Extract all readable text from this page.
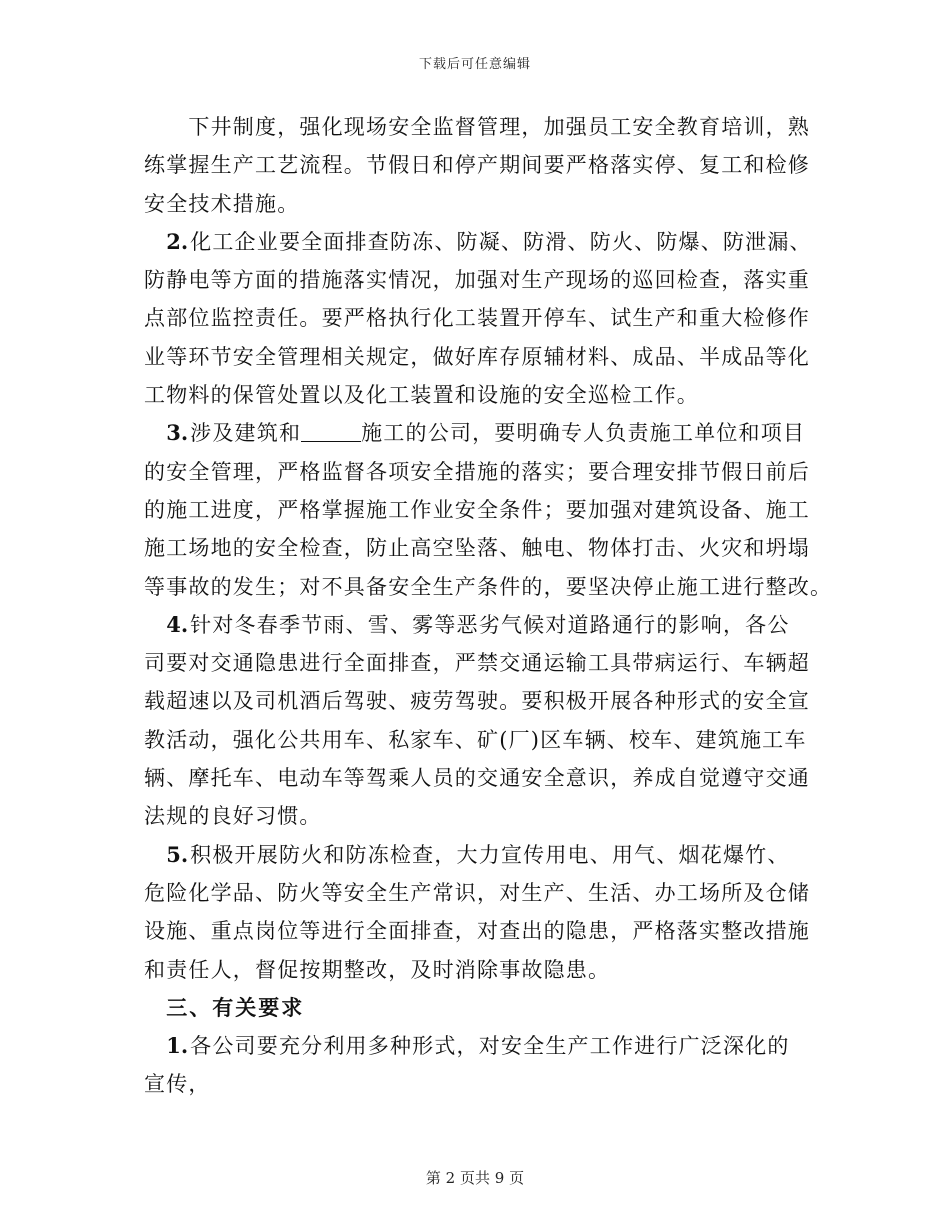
下载后可任意编辑
　　下井制度，强化现场安全监督管理，加强员工安全教育培训，熟
练掌握生产工艺流程。节假日和停产期间要严格落实停、复工和检修
安全技术措施。
　2.化工企业要全面排查防冻、防凝、防滑、防火、防爆、防泄漏、
防静电等方面的措施落实情况，加强对生产现场的巡回检查，落实重
点部位监控责任。要严格执行化工装置开停车、试生产和重大检修作
业等环节安全管理相关规定，做好库存原辅材料、成品、半成品等化
工物料的保管处置以及化工装置和设施的安全巡检工作。
　3.涉及建筑和	施工的公司，要明确专人负责施工单位和项目
的安全管理，严格监督各项安全措施的落实；要合理安排节假日前后
的施工进度，严格掌握施工作业安全条件；要加强对建筑设备、施工
施工场地的安全检查，防止高空坠落、触电、物体打击、火灾和坍塌
等事故的发生；对不具备安全生产条件的，要坚决停止施工进行整改。
　4.针对冬春季节雨、雪、雾等恶劣气候对道路通行的影响，各公
司要对交通隐患进行全面排查，严禁交通运输工具带病运行、车辆超
载超速以及司机酒后驾驶、疲劳驾驶。要积极开展各种形式的安全宣
教活动，强化公共用车、私家车、矿(厂)区车辆、校车、建筑施工车
辆、摩托车、电动车等驾乘人员的交通安全意识，养成自觉遵守交通
法规的良好习惯。
　5.积极开展防火和防冻检查，大力宣传用电、用气、烟花爆竹、
危险化学品、防火等安全生产常识，对生产、生活、办工场所及仓储
设施、重点岗位等进行全面排查，对查出的隐患，严格落实整改措施
和责任人，督促按期整改，及时消除事故隐患。
　三、有关要求
　1.各公司要充分利用多种形式，对安全生产工作进行广泛深化的
宣传，
第 2 页共 9 页
